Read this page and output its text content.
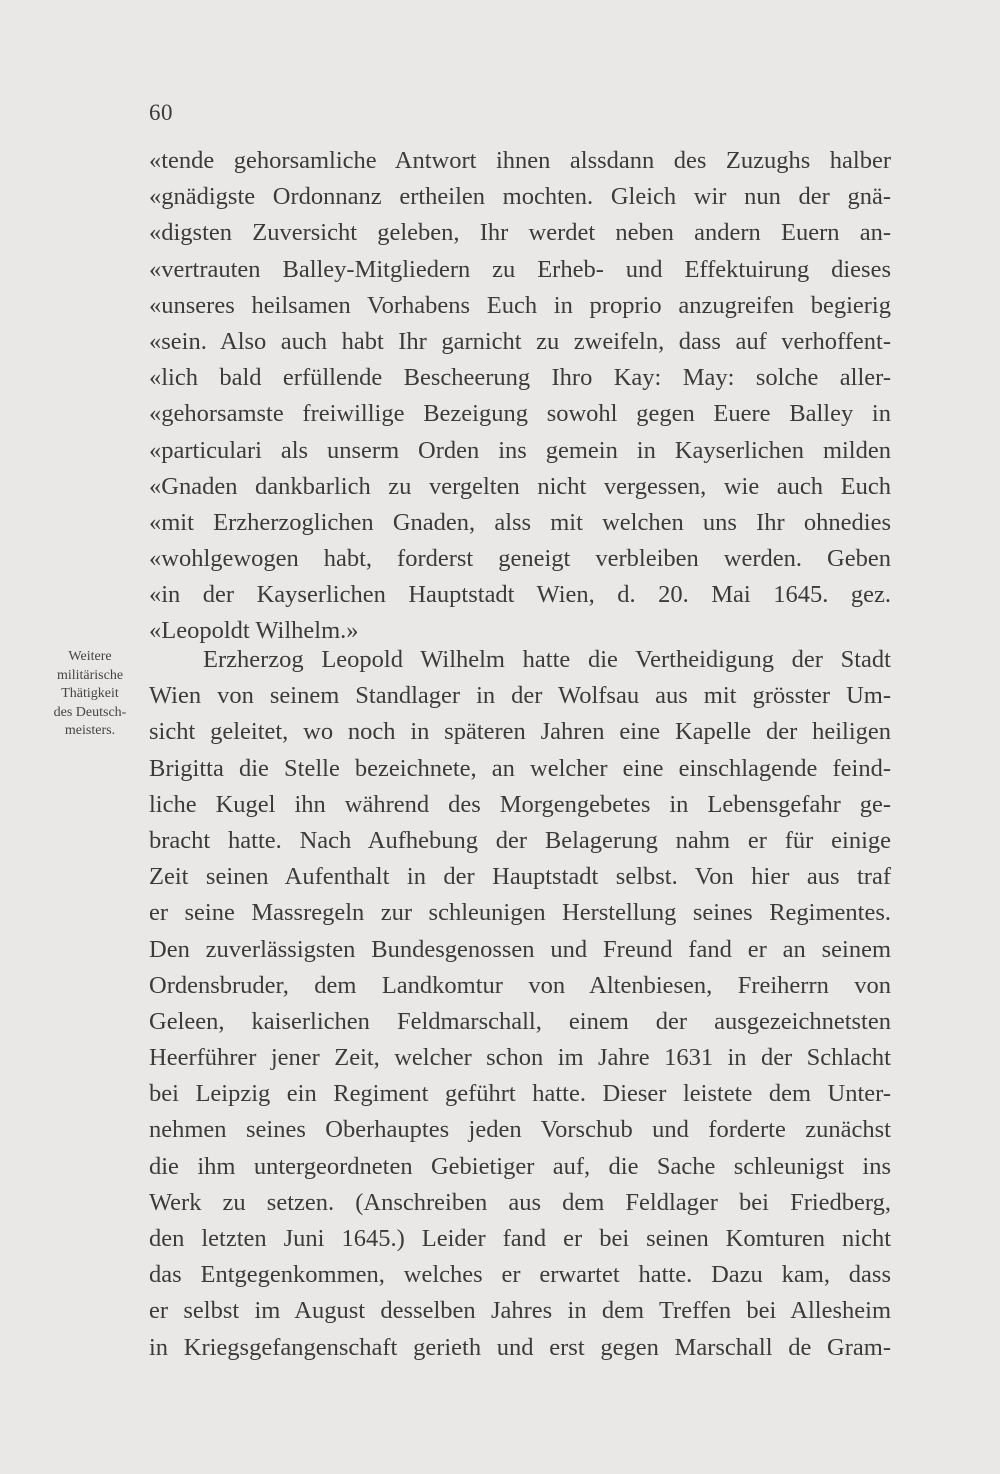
60
«tende gehorsamliche Antwort ihnen alssdann des Zuzughs halber
«gnädigste Ordonnanz ertheilen mochten. Gleich wir nun der gnä-
«digsten Zuversicht geleben, Ihr werdet neben andern Euern an-
«vertrauten Balley-Mitgliedern zu Erheb- und Effektuirung dieses
«unseres heilsamen Vorhabens Euch in proprio anzugreifen begierig
«sein. Also auch habt Ihr garnicht zu zweifeln, dass auf verhoffent-
«lich bald erfüllende Bescheerung Ihro Kay: May: solche aller-
«gehorsamste freiwillige Bezeigung sowohl gegen Euere Balley in
«particulari als unserm Orden ins gemein in Kayserlichen milden
«Gnaden dankbarlich zu vergelten nicht vergessen, wie auch Euch
«mit Erzherzoglichen Gnaden, alss mit welchen uns Ihr ohnedies
«wohlgewogen habt, forderst geneigt verbleiben werden. Geben
«in der Kayserlichen Hauptstadt Wien, d. 20. Mai 1645. gez.
«Leopoldt Wilhelm.»
Weitere
militärische
Thätigkeit
des Deutsch-
meisters.
Erzherzog Leopold Wilhelm hatte die Vertheidigung der Stadt
Wien von seinem Standlager in der Wolfsau aus mit grösster Um-
sicht geleitet, wo noch in späteren Jahren eine Kapelle der heiligen
Brigitta die Stelle bezeichnete, an welcher eine einschlagende feind-
liche Kugel ihn während des Morgengebetes in Lebensgefahr ge-
bracht hatte. Nach Aufhebung der Belagerung nahm er für einige
Zeit seinen Aufenthalt in der Hauptstadt selbst. Von hier aus traf
er seine Massregeln zur schleunigen Herstellung seines Regimentes.
Den zuverlässigsten Bundesgenossen und Freund fand er an seinem
Ordensbruder, dem Landkomtur von Altenbiesen, Freiherrn von
Geleen, kaiserlichen Feldmarschall, einem der ausgezeichnetsten
Heerführer jener Zeit, welcher schon im Jahre 1631 in der Schlacht
bei Leipzig ein Regiment geführt hatte. Dieser leistete dem Unter-
nehmen seines Oberhauptes jeden Vorschub und forderte zunächst
die ihm untergeordneten Gebietiger auf, die Sache schleunigst ins
Werk zu setzen. (Anschreiben aus dem Feldlager bei Friedberg,
den letzten Juni 1645.) Leider fand er bei seinen Komturen nicht
das Entgegenkommen, welches er erwartet hatte. Dazu kam, dass
er selbst im August desselben Jahres in dem Treffen bei Allesheim
in Kriegsgefangenschaft gerieth und erst gegen Marschall de Gram-
